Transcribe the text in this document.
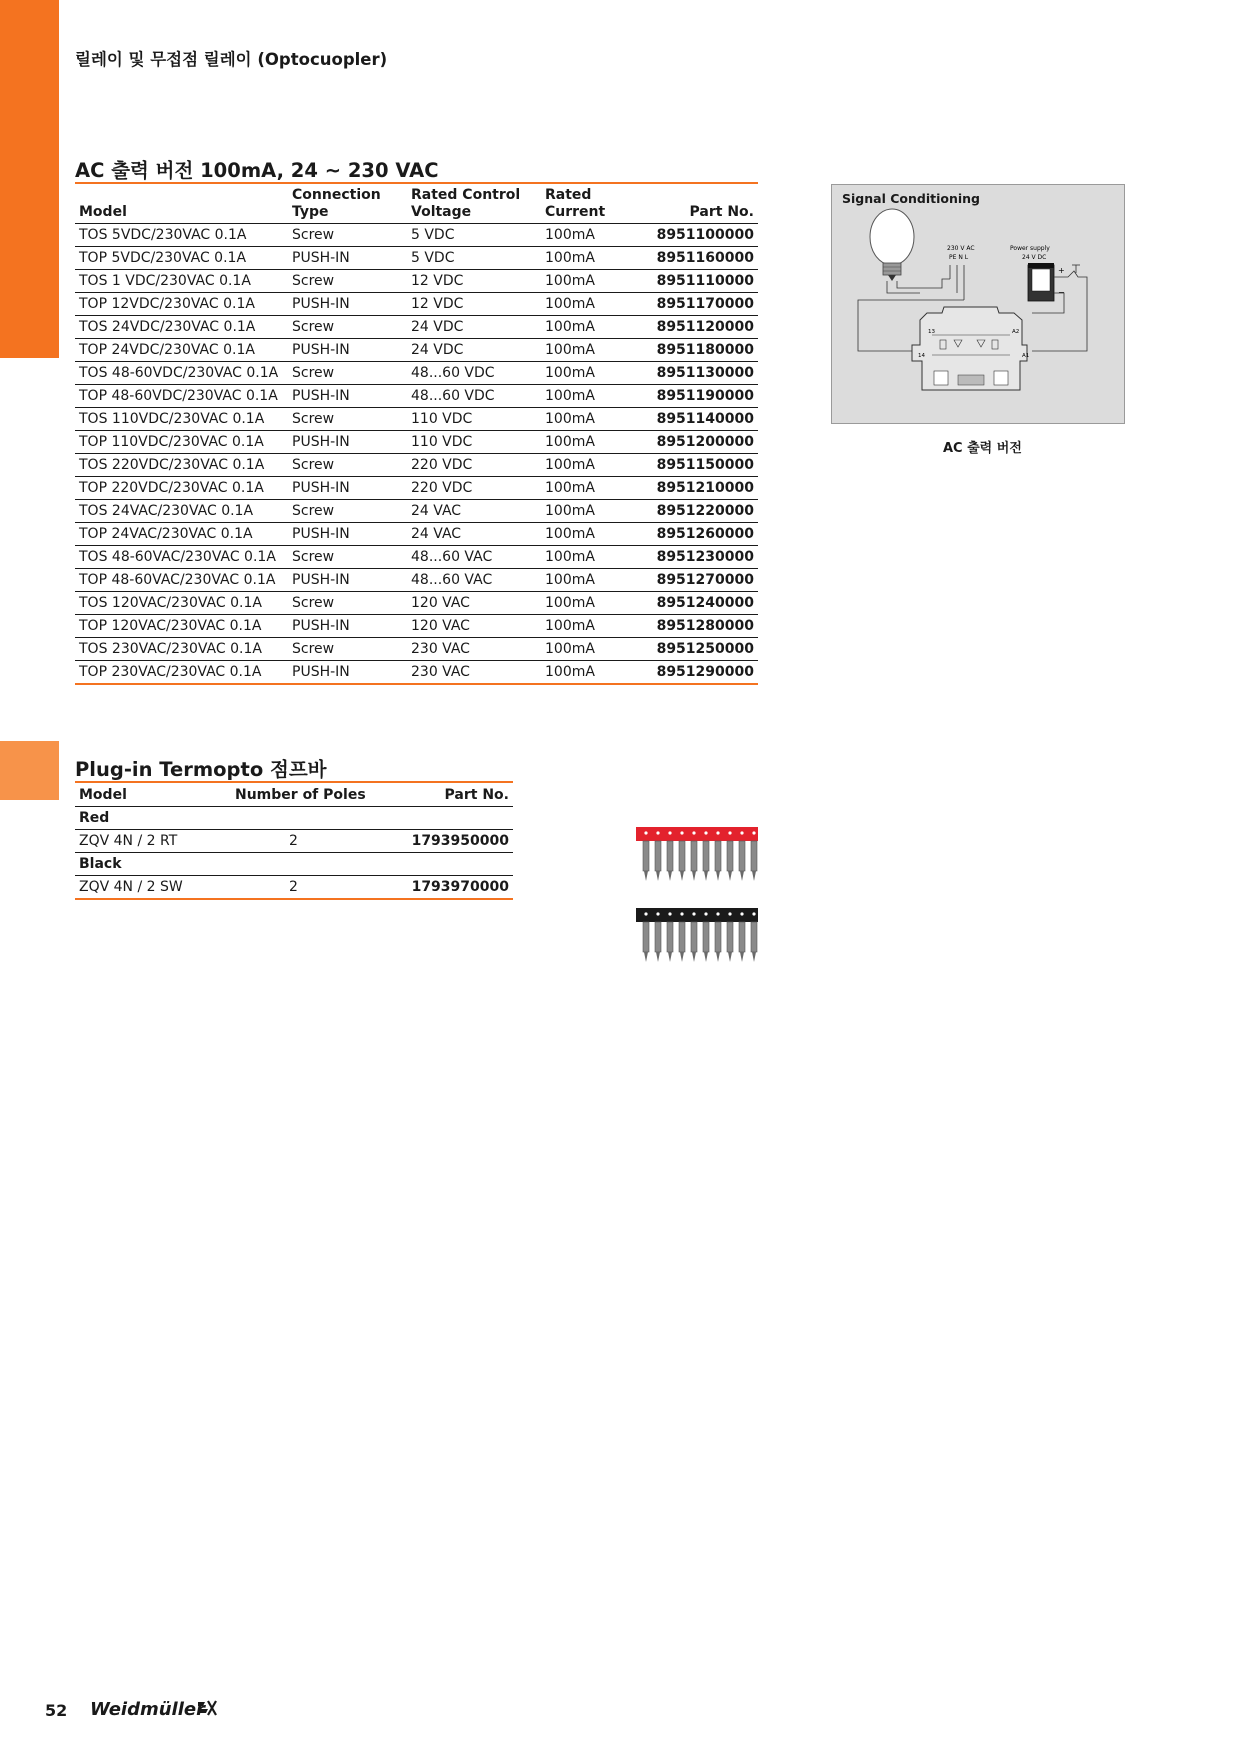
릴레이 및 무접점 릴레이 (Optocuopler)
AC 출력 버전 100mA, 24 ~ 230 VAC
Model	Connection Type	Rated Control Voltage	Rated Current	Part No.
TOS 5VDC/230VAC 0.1A	Screw	5 VDC	100mA	8951100000
TOP 5VDC/230VAC 0.1A	PUSH-IN	5 VDC	100mA	8951160000
TOS 1 VDC/230VAC 0.1A	Screw	12 VDC	100mA	8951110000
TOP 12VDC/230VAC 0.1A	PUSH-IN	12 VDC	100mA	8951170000
TOS 24VDC/230VAC 0.1A	Screw	24 VDC	100mA	8951120000
TOP 24VDC/230VAC 0.1A	PUSH-IN	24 VDC	100mA	8951180000
TOS 48-60VDC/230VAC 0.1A	Screw	48...60 VDC	100mA	8951130000
TOP 48-60VDC/230VAC 0.1A	PUSH-IN	48...60 VDC	100mA	8951190000
TOS 110VDC/230VAC 0.1A	Screw	110 VDC	100mA	8951140000
TOP 110VDC/230VAC 0.1A	PUSH-IN	110 VDC	100mA	8951200000
TOS 220VDC/230VAC 0.1A	Screw	220 VDC	100mA	8951150000
TOP 220VDC/230VAC 0.1A	PUSH-IN	220 VDC	100mA	8951210000
TOS 24VAC/230VAC 0.1A	Screw	24 VAC	100mA	8951220000
TOP 24VAC/230VAC 0.1A	PUSH-IN	24 VAC	100mA	8951260000
TOS 48-60VAC/230VAC 0.1A	Screw	48...60 VAC	100mA	8951230000
TOP 48-60VAC/230VAC 0.1A	PUSH-IN	48...60 VAC	100mA	8951270000
TOS 120VAC/230VAC 0.1A	Screw	120 VAC	100mA	8951240000
TOP 120VAC/230VAC 0.1A	PUSH-IN	120 VAC	100mA	8951280000
TOS 230VAC/230VAC 0.1A	Screw	230 VAC	100mA	8951250000
TOP 230VAC/230VAC 0.1A	PUSH-IN	230 VAC	100mA	8951290000
Signal Conditioning
230 V AC
PE N L
Power supply
24 V DC
+
−
13
14
A2
A1
AC 출력 버전
Plug-in Termopto 점프바
Model	Number of Poles	Part No.
Red		
ZQV 4N / 2 RT	2	1793950000
Black		
ZQV 4N / 2 SW	2	1793970000
52 Weidmüller
